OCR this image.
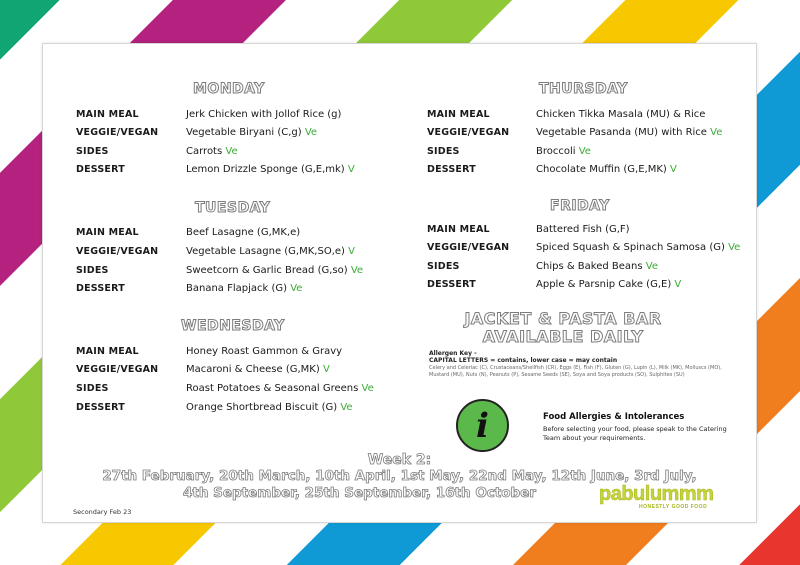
MONDAY
MAIN MEAL	Jerk Chicken with Jollof Rice (g)
VEGGIE/VEGAN	Vegetable Biryani (C,g) Ve
SIDES	Carrots Ve
DESSERT	Lemon Drizzle Sponge (G,E,mk) V
TUESDAY
MAIN MEAL	Beef Lasagne (G,MK,e)
VEGGIE/VEGAN	Vegetable Lasagne (G,MK,SO,e) V
SIDES	Sweetcorn & Garlic Bread (G,so) Ve
DESSERT	Banana Flapjack (G) Ve
WEDNESDAY
MAIN MEAL	Honey Roast Gammon & Gravy
VEGGIE/VEGAN	Macaroni & Cheese (G,MK) V
SIDES	Roast Potatoes & Seasonal Greens Ve
DESSERT	Orange Shortbread Biscuit (G) Ve
THURSDAY
MAIN MEAL	Chicken Tikka Masala (MU) & Rice
VEGGIE/VEGAN	Vegetable Pasanda (MU) with Rice Ve
SIDES	Broccoli Ve
DESSERT	Chocolate Muffin (G,E,MK) V
FRIDAY
MAIN MEAL	Battered Fish (G,F)
VEGGIE/VEGAN	Spiced Squash & Spinach Samosa (G) Ve
SIDES	Chips & Baked Beans Ve
DESSERT	Apple & Parsnip Cake (G,E) V
JACKET & PASTA BAR
AVAILABLE DAILY
Allergen Key -
CAPITAL LETTERS = contains, lower case = may contain
Celery and Celeriac (C), Crustaceans/Shellfish (CR), Eggs (E), Fish (F), Gluten (G), Lupin (L), Milk (MK), Molluscs (MO), Mustard (MU), Nuts (N), Peanuts (P), Sesame Seeds (SE), Soya and Soya products (SO), Sulphites (SU)
i	Food Allergies & Intolerances
Before selecting your food, please speak to the Catering Team about your requirements.
Week 2:
27th February, 20th March, 10th April, 1st May, 22nd May, 12th June, 3rd July,
4th September, 25th September, 16th October
Secondary Feb 23
pabulummm
HONESTLY GOOD FOOD
